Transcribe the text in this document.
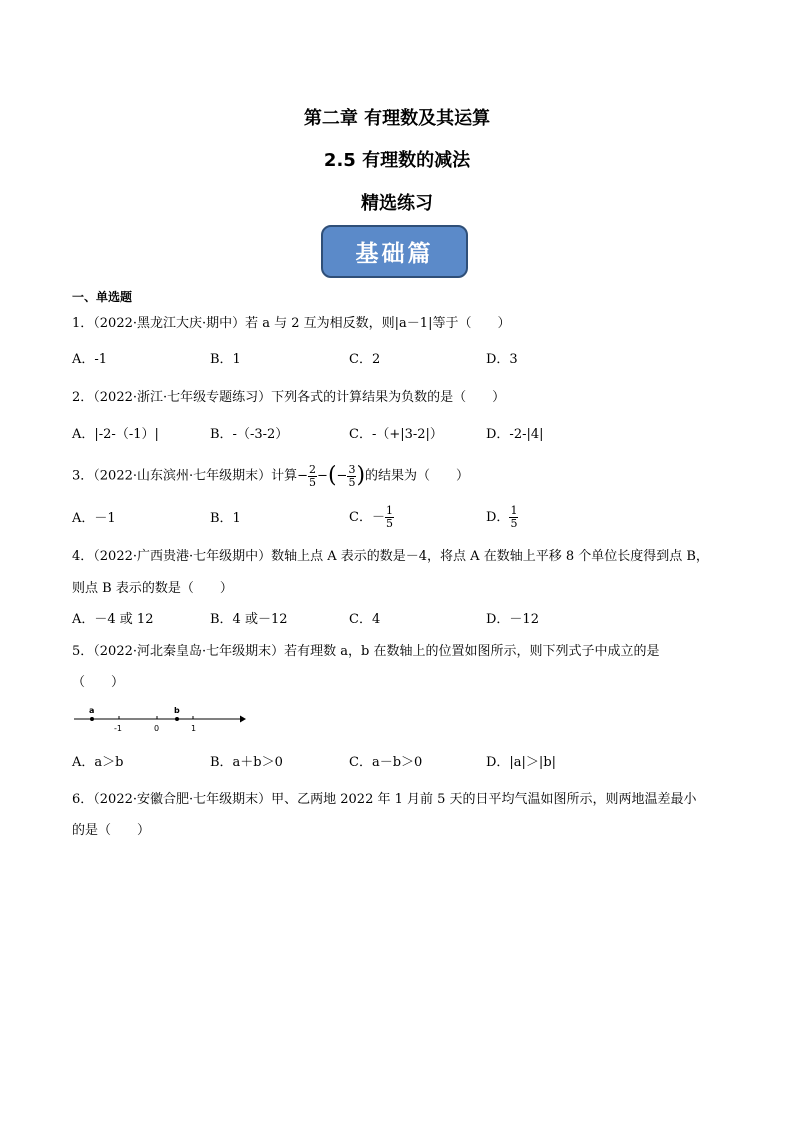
第二章 有理数及其运算
2.5 有理数的减法
精选练习
基础篇
一、单选题
1．（2022·黑龙江大庆·期中）若 a 与 2 互为相反数，则|a－1|等于（　　）
A．-1	B．1	C．2	D．3
2．（2022·浙江·七年级专题练习）下列各式的计算结果为负数的是（　　）
A．|-2-（-1）|	B．-（-3-2）	C．-（+|3-2|）	D．-2-|4|
3．（2022·山东滨州·七年级期末）计算− $\frac{2}{5}$ −(− $\frac{3}{5}$ )的结果为（　　）
A．－1	B．1	C．－ $\frac{1}{5}$	D． $\frac{1}{5}$
4．（2022·广西贵港·七年级期中）数轴上点 A 表示的数是－4，将点 A 在数轴上平移 8 个单位长度得到点 B，
则点 B 表示的数是（　　）
A．－4 或 12	B．4 或－12	C．4	D．－12
5．（2022·河北秦皇岛·七年级期末）若有理数 a，b 在数轴上的位置如图所示，则下列式子中成立的是
（　　）
a
-1	0
b
1
A．a＞b	B．a＋b＞0	C．a－b＞0	D．|a|＞|b|
6．（2022·安徽合肥·七年级期末）甲、乙两地 2022 年 1 月前 5 天的日平均气温如图所示，则两地温差最小
的是（　　）
